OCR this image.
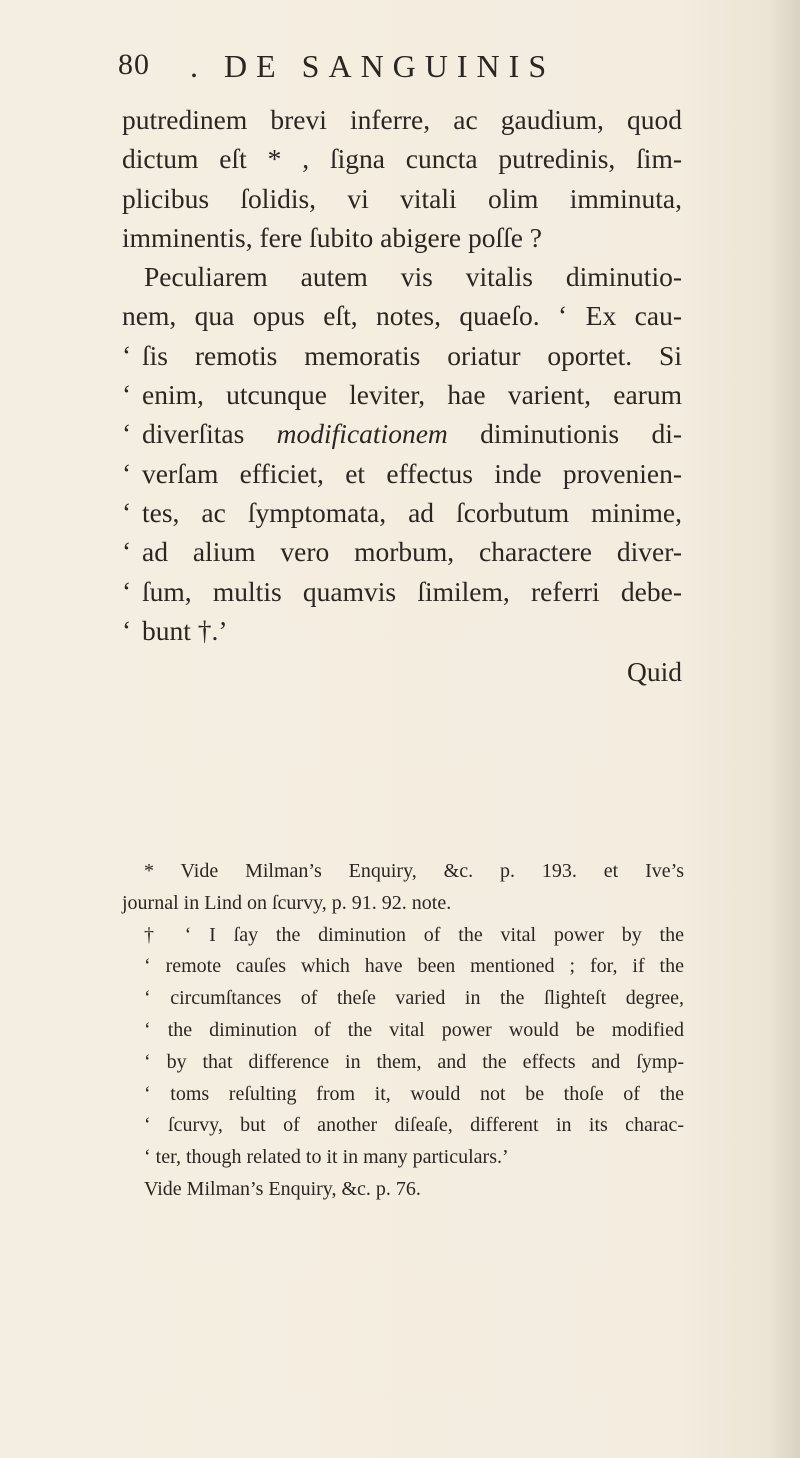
80 . DE SANGUINIS
putredinem brevi inferre, ac gaudium, quod
dictum eſt * , ſigna cuncta putredinis, ſim-
plicibus ſolidis, vi vitali olim imminuta,
imminentis, fere ſubito abigere poſſe ?
Peculiarem autem vis vitalis diminutio-
nem, qua opus eſt, notes, quaeſo. ‘ Ex cau-
‘ ſis remotis memoratis oriatur oportet. Si
‘ enim, utcunque leviter, hae varient, earum
‘ diverſitas modificationem diminutionis di-
‘ verſam efficiet, et effectus inde provenien-
‘ tes, ac ſymptomata, ad ſcorbutum minime,
‘ ad alium vero morbum, charactere diver-
‘ ſum, multis quamvis ſimilem, referri debe-
‘ bunt †.’
Quid
* Vide Milman’s Enquiry, &c. p. 193. et Ive’s
journal in Lind on ſcurvy, p. 91. 92. note.
† ‘ I ſay the diminution of the vital power by the
‘ remote cauſes which have been mentioned ; for, if the
‘ circumſtances of theſe varied in the ſlighteſt degree,
‘ the diminution of the vital power would be modified
‘ by that difference in them, and the effects and ſymp-
‘ toms reſulting from it, would not be thoſe of the
‘ ſcurvy, but of another diſeaſe, different in its charac-
‘ ter, though related to it in many particulars.’
Vide Milman’s Enquiry, &c. p. 76.
